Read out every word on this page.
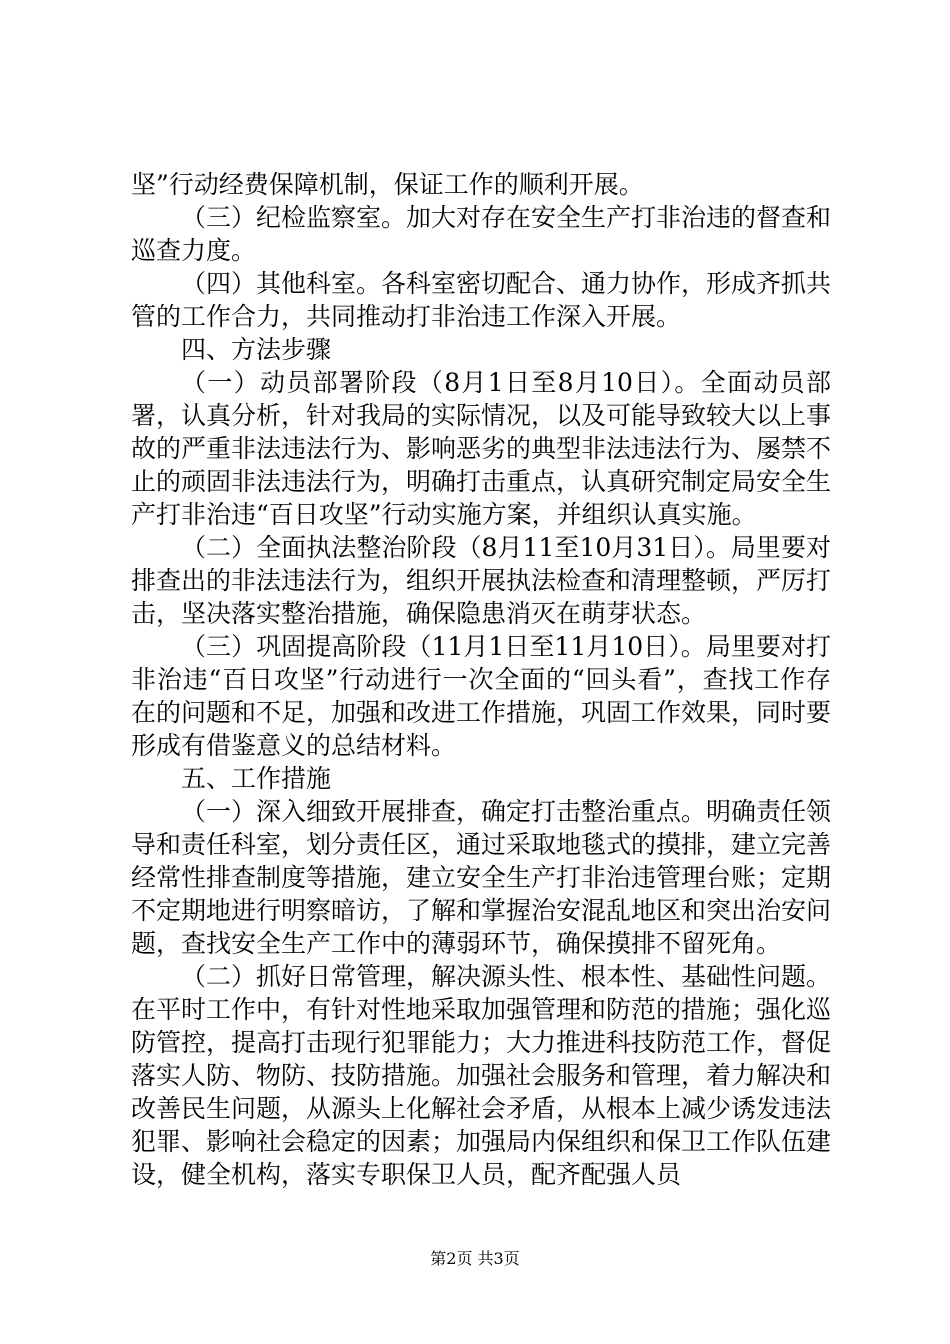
坚”行动经费保障机制，保证工作的顺利开展。

（三）纪检监察室。加大对存在安全生产打非治违的督查和巡查力度。

（四）其他科室。各科室密切配合、通力协作，形成齐抓共管的工作合力，共同推动打非治违工作深入开展。

四、方法步骤

（一）动员部署阶段（8月1日至8月10日）。全面动员部署，认真分析，针对我局的实际情况，以及可能导致较大以上事故的严重非法违法行为、影响恶劣的典型非法违法行为、屡禁不止的顽固非法违法行为，明确打击重点，认真研究制定局安全生产打非治违“百日攻坚”行动实施方案，并组织认真实施。

（二）全面执法整治阶段（8月11至10月31日）。局里要对排查出的非法违法行为，组织开展执法检查和清理整顿，严厉打击，坚决落实整治措施，确保隐患消灭在萌芽状态。

（三）巩固提高阶段（11月1日至11月10日）。局里要对打非治违“百日攻坚”行动进行一次全面的“回头看”，查找工作存在的问题和不足，加强和改进工作措施，巩固工作效果，同时要形成有借鉴意义的总结材料。

五、工作措施

（一）深入细致开展排查，确定打击整治重点。明确责任领导和责任科室，划分责任区，通过采取地毯式的摸排，建立完善经常性排查制度等措施，建立安全生产打非治违管理台账；定期不定期地进行明察暗访，了解和掌握治安混乱地区和突出治安问题，查找安全生产工作中的薄弱环节，确保摸排不留死角。

（二）抓好日常管理，解决源头性、根本性、基础性问题。在平时工作中，有针对性地采取加强管理和防范的措施；强化巡防管控，提高打击现行犯罪能力；大力推进科技防范工作，督促落实人防、物防、技防措施。加强社会服务和管理，着力解决和改善民生问题，从源头上化解社会矛盾，从根本上减少诱发违法犯罪、影响社会稳定的因素；加强局内保组织和保卫工作队伍建设，健全机构，落实专职保卫人员，配齐配强人员

第2页 共3页
